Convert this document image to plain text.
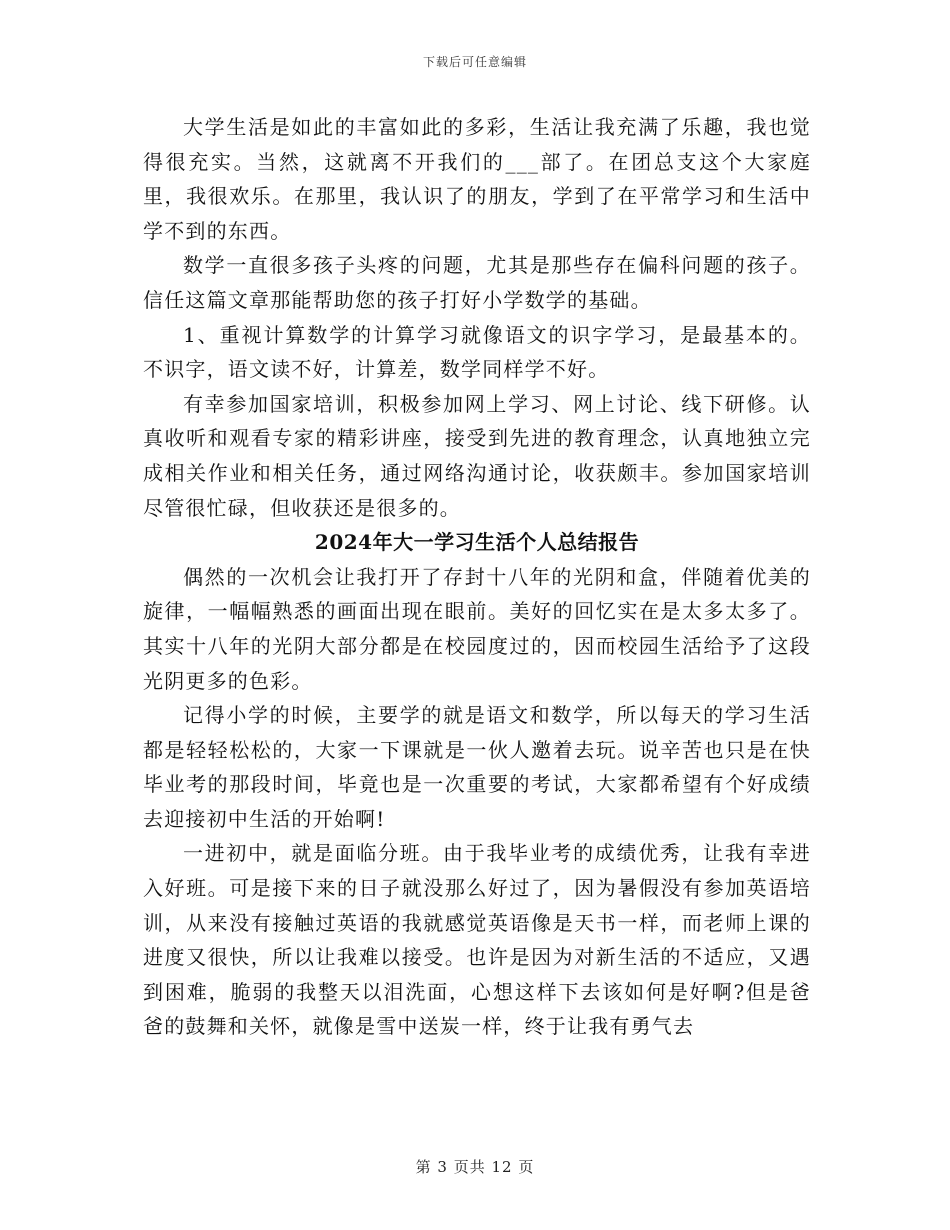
下载后可任意编辑

大学生活是如此的丰富如此的多彩，生活让我充满了乐趣，我也觉得很充实。当然，这就离不开我们的___部了。在团总支这个大家庭里，我很欢乐。在那里，我认识了的朋友，学到了在平常学习和生活中学不到的东西。

数学一直很多孩子头疼的问题，尤其是那些存在偏科问题的孩子。信任这篇文章那能帮助您的孩子打好小学数学的基础。

1、重视计算数学的计算学习就像语文的识字学习，是最基本的。不识字，语文读不好，计算差，数学同样学不好。

有幸参加国家培训，积极参加网上学习、网上讨论、线下研修。认真收听和观看专家的精彩讲座，接受到先进的教育理念，认真地独立完成相关作业和相关任务，通过网络沟通讨论，收获颇丰。参加国家培训尽管很忙碌，但收获还是很多的。

2024年大一学习生活个人总结报告

偶然的一次机会让我打开了存封十八年的光阴和盒，伴随着优美的旋律，一幅幅熟悉的画面出现在眼前。美好的回忆实在是太多太多了。其实十八年的光阴大部分都是在校园度过的，因而校园生活给予了这段光阴更多的色彩。

记得小学的时候，主要学的就是语文和数学，所以每天的学习生活都是轻轻松松的，大家一下课就是一伙人邀着去玩。说辛苦也只是在快毕业考的那段时间，毕竟也是一次重要的考试，大家都希望有个好成绩去迎接初中生活的开始啊!

一进初中，就是面临分班。由于我毕业考的成绩优秀，让我有幸进入好班。可是接下来的日子就没那么好过了，因为暑假没有参加英语培训，从来没有接触过英语的我就感觉英语像是天书一样，而老师上课的进度又很快，所以让我难以接受。也许是因为对新生活的不适应，又遇到困难，脆弱的我整天以泪洗面，心想这样下去该如何是好啊?但是爸爸的鼓舞和关怀，就像是雪中送炭一样，终于让我有勇气去

第 3 页共 12 页
